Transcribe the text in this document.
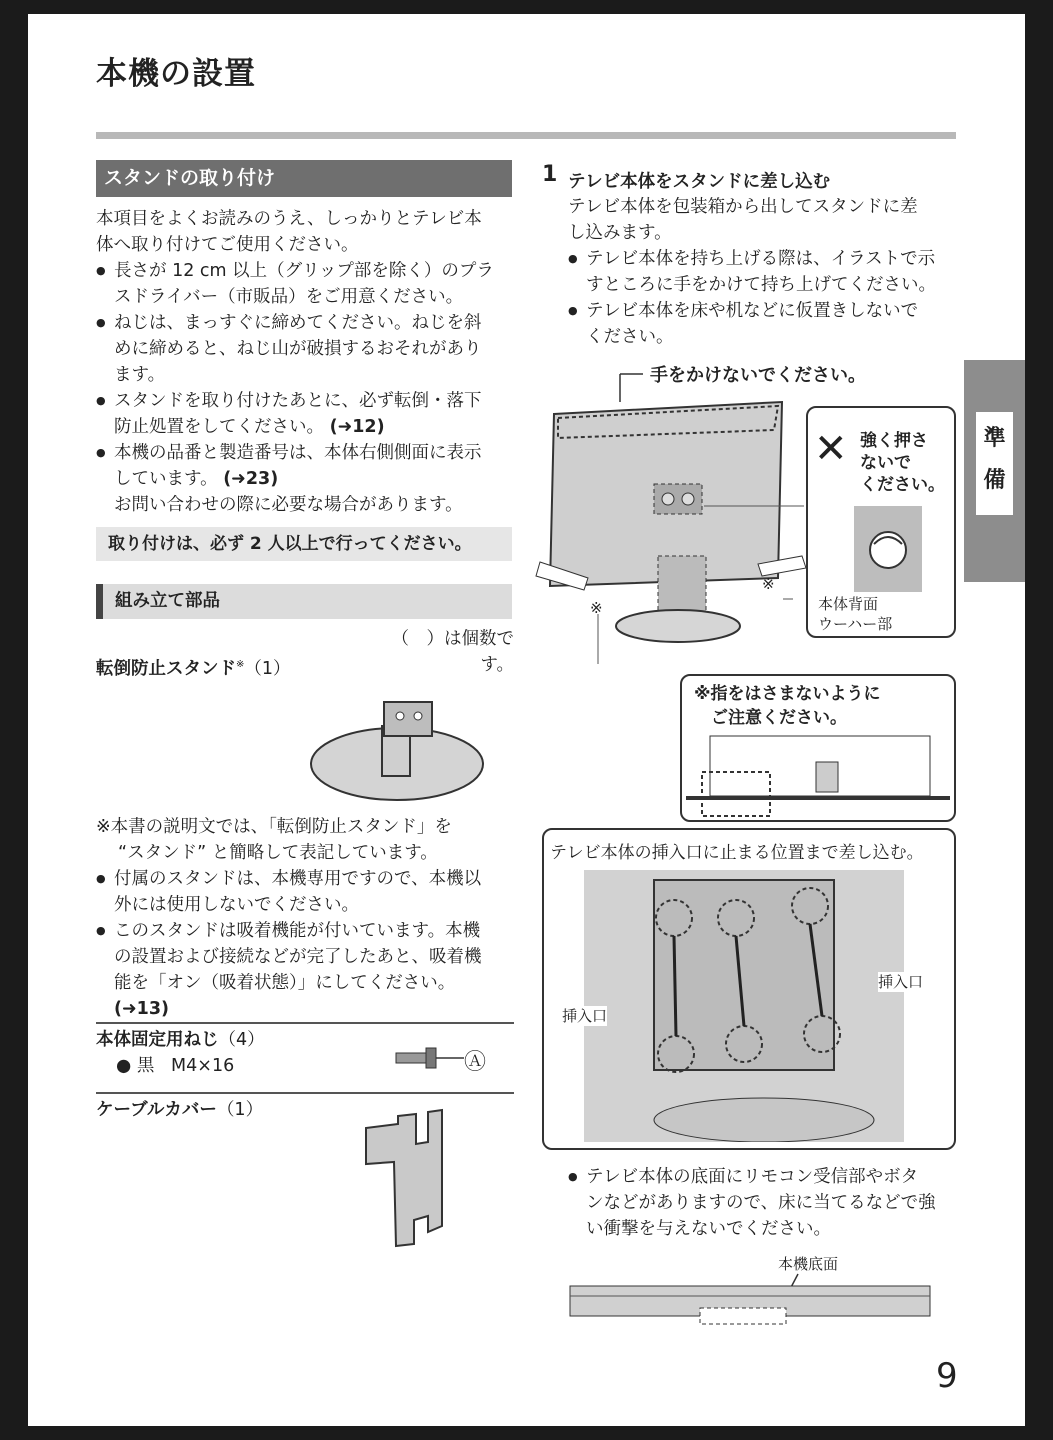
本機の設置
スタンドの取り付け
本項目をよくお読みのうえ、しっかりとテレビ本
体へ取り付けてご使用ください。
● 長さが 12 cm 以上（グリップ部を除く）のプラ
スドライバー（市販品）をご用意ください。
● ねじは、まっすぐに締めてください。ねじを斜
めに締めると、ねじ山が破損するおそれがあり
ます。
● スタンドを取り付けたあとに、必ず転倒・落下
防止処置をしてください。 (➜12)
● 本機の品番と製造番号は、本体右側側面に表示
しています。 (➜23)
お問い合わせの際に必要な場合があります。
取り付けは、必ず 2 人以上で行ってください。
組み立て部品
（　）は個数です。
転倒防止スタンド※（1）
※本書の説明文では、「転倒防止スタンド」を
“スタンド” と簡略して表記しています。
● 付属のスタンドは、本機専用ですので、本機以
外には使用しないでください。
● このスタンドは吸着機能が付いています。本機
の設置および接続などが完了したあと、吸着機
能を「オン（吸着状態）」にしてください。
(➜13)
本体固定用ねじ（4）
● 黒 M4×16	Ⓐ
ケーブルカバー（1）
1 テレビ本体をスタンドに差し込む
テレビ本体を包装箱から出してスタンドに差
し込みます。
● テレビ本体を持ち上げる際は、イラストで示
すところに手をかけて持ち上げてください。
● テレビ本体を床や机などに仮置きしないで
ください。
手をかけないでください。
✕ 強く押さ
ないで
ください。
本体背面
ウーハー部
※
※
※指をはさまないように
　ご注意ください。
テレビ本体の挿入口に止まる位置まで差し込む。
挿入口
挿入口
● テレビ本体の底面にリモコン受信部やボタ
ンなどがありますので、床に当てるなどで強
い衝撃を与えないでください。
本機底面
準
備
9
